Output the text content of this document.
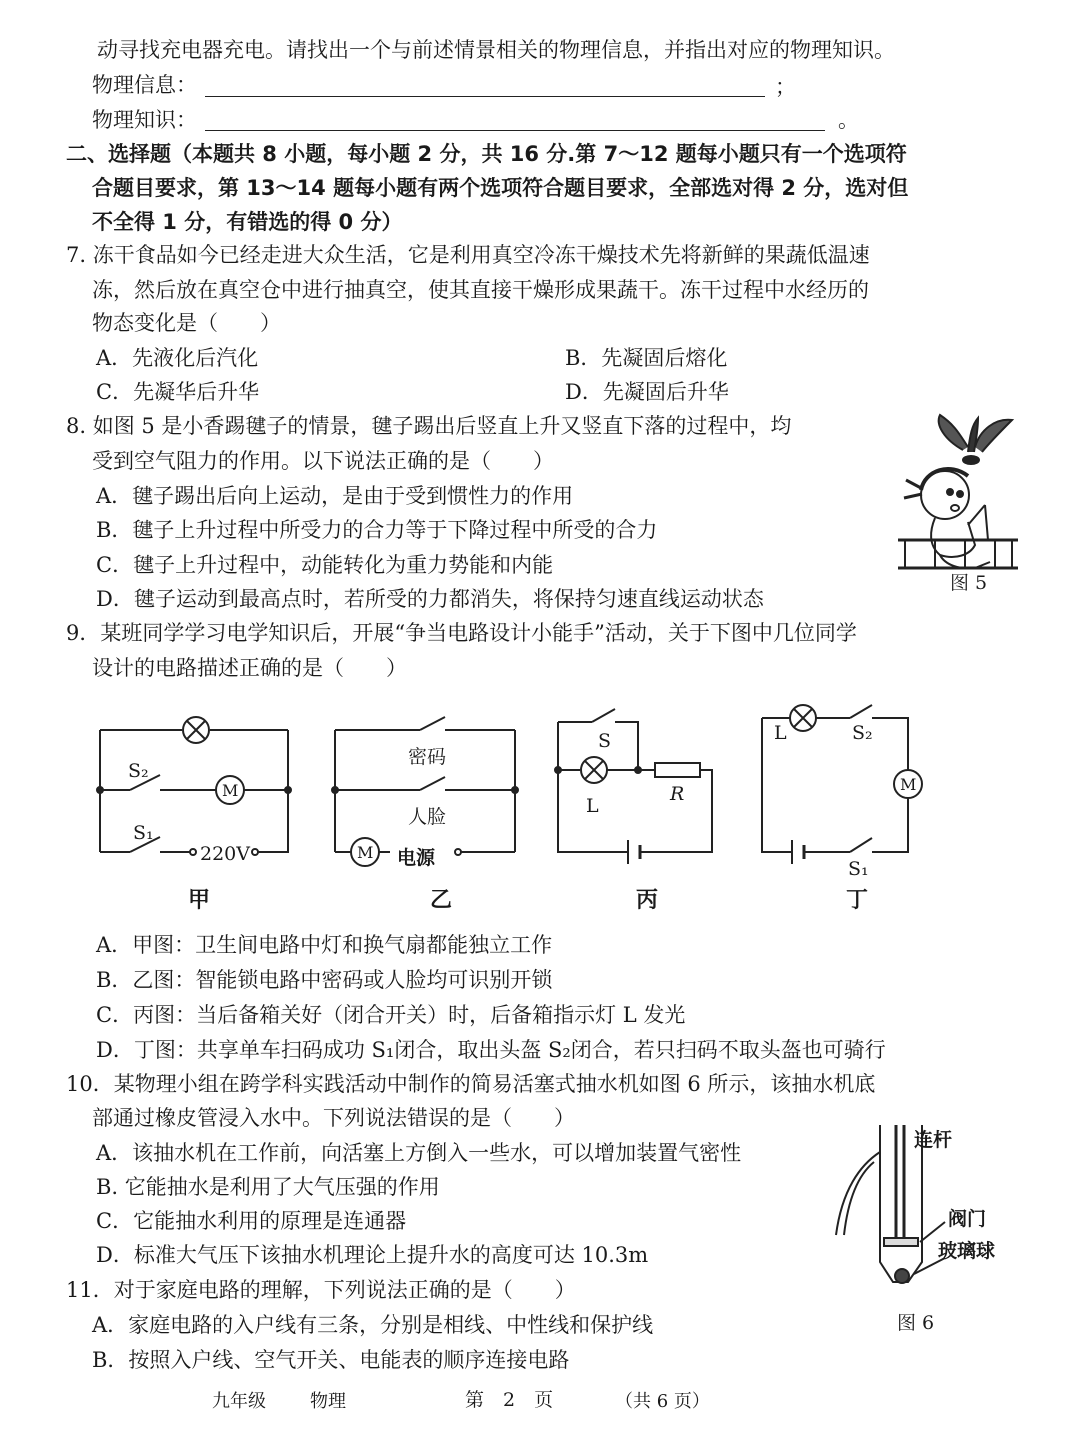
动寻找充电器充电。请找出一个与前述情景相关的物理信息，并指出对应的物理知识。
物理信息：	；
物理知识：	。
二、选择题（本题共 8 小题，每小题 2 分，共 16 分.第 7～12 题每小题只有一个选项符
合题目要求，第 13～14 题每小题有两个选项符合题目要求，全部选对得 2 分，选对但
不全得 1 分，有错选的得 0 分）
7. 冻干食品如今已经走进大众生活，它是利用真空冷冻干燥技术先将新鲜的果蔬低温速
冻，然后放在真空仓中进行抽真空，使其直接干燥形成果蔬干。冻干过程中水经历的
物态变化是（　　）
A．先液化后汽化	B．先凝固后熔化
C．先凝华后升华	D．先凝固后升华
8. 如图 5 是小香踢毽子的情景，毽子踢出后竖直上升又竖直下落的过程中，均
受到空气阻力的作用。以下说法正确的是（　　）
A．毽子踢出后向上运动，是由于受到惯性力的作用
B．毽子上升过程中所受力的合力等于下降过程中所受的合力
C．毽子上升过程中，动能转化为重力势能和内能
D．毽子运动到最高点时，若所受的力都消失，将保持匀速直线运动状态
图 5
9．某班同学学习电学知识后，开展“争当电路设计小能手”活动，关于下图中几位同学
设计的电路描述正确的是（　　）
S₂
M
S₁
220V
甲
密码
人脸
M 电源
乙
S
L
R
丙
L	S₂
M
S₁
丁
A．甲图：卫生间电路中灯和换气扇都能独立工作
B．乙图：智能锁电路中密码或人脸均可识别开锁
C．丙图：当后备箱关好（闭合开关）时，后备箱指示灯 L 发光
D．丁图：共享单车扫码成功 S₁闭合，取出头盔 S₂闭合，若只扫码不取头盔也可骑行
10．某物理小组在跨学科实践活动中制作的简易活塞式抽水机如图 6 所示，该抽水机底
部通过橡皮管浸入水中。下列说法错误的是（　　）
A．该抽水机在工作前，向活塞上方倒入一些水，可以增加装置气密性
B. 它能抽水是利用了大气压强的作用
C．它能抽水利用的原理是连通器
D．标准大气压下该抽水机理论上提升水的高度可达 10.3m
连杆
阀门
玻璃球
图 6
11．对于家庭电路的理解，下列说法正确的是（　　）
A．家庭电路的入户线有三条，分别是相线、中性线和保护线
B．按照入户线、空气开关、电能表的顺序连接电路
九年级 物理	第　2　页	（共 6 页）
